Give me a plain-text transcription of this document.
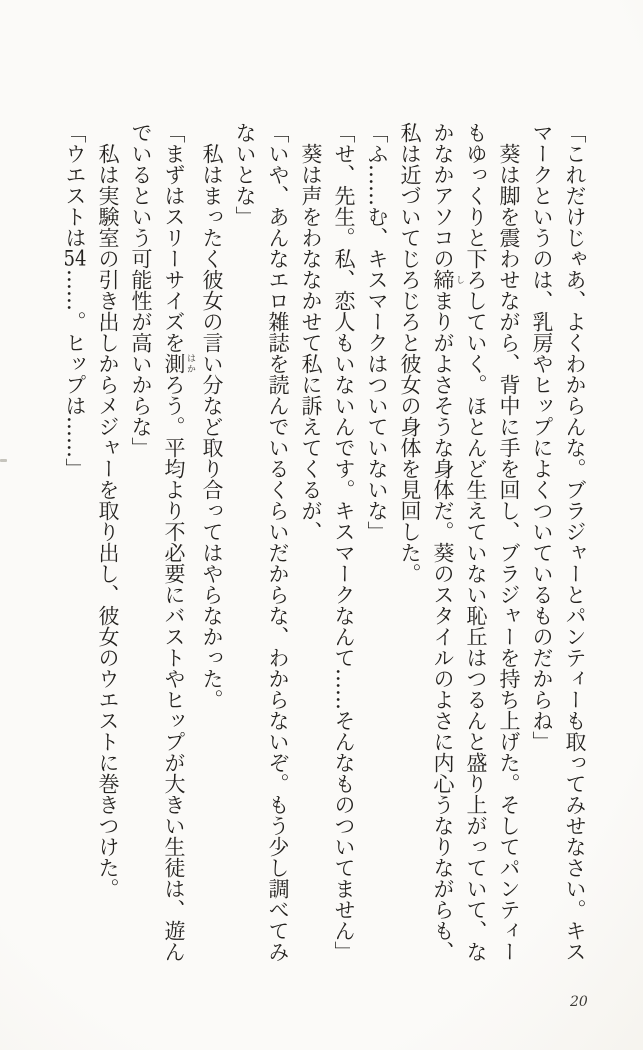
「これだけじゃあ、よくわからんな。ブラジャーとパンティーも取ってみせなさい。キスマークというのは、乳房やヒップによくついているものだからね」

葵は脚を震わせながら、背中に手を回し、ブラジャーを持ち上げた。そしてパンティーもゆっくりと下ろしていく。ほとんど生えていない恥丘はつるんと盛り上がっていて、なかなかアソコの締 しまりがよさそうな身体だ。葵のスタイルのよさに内心うなりながらも、私は近づいてじろじろと彼女の身体を見回した。

「ふ……む、キスマークはついていないな」

「せ、先生。私、恋人もいないんです。キスマークなんて……そんなものついてません」

葵は声をわななかせて私に訴えてくるが、

「いや、あんなエロ雑誌を読んでいるくらいだからな、わからないぞ。もう少し調べてみないとな」

私はまったく彼女の言い分など取り合ってはやらなかった。

「まずはスリーサイズを測 はかろう。平均より不必要にバストやヒップが大きい生徒は、遊んでいるという可能性が高いからな」

私は実験室の引き出しからメジャーを取り出し、彼女のウエストに巻きつけた。

「ウエストは54……。ヒップは……」

20
